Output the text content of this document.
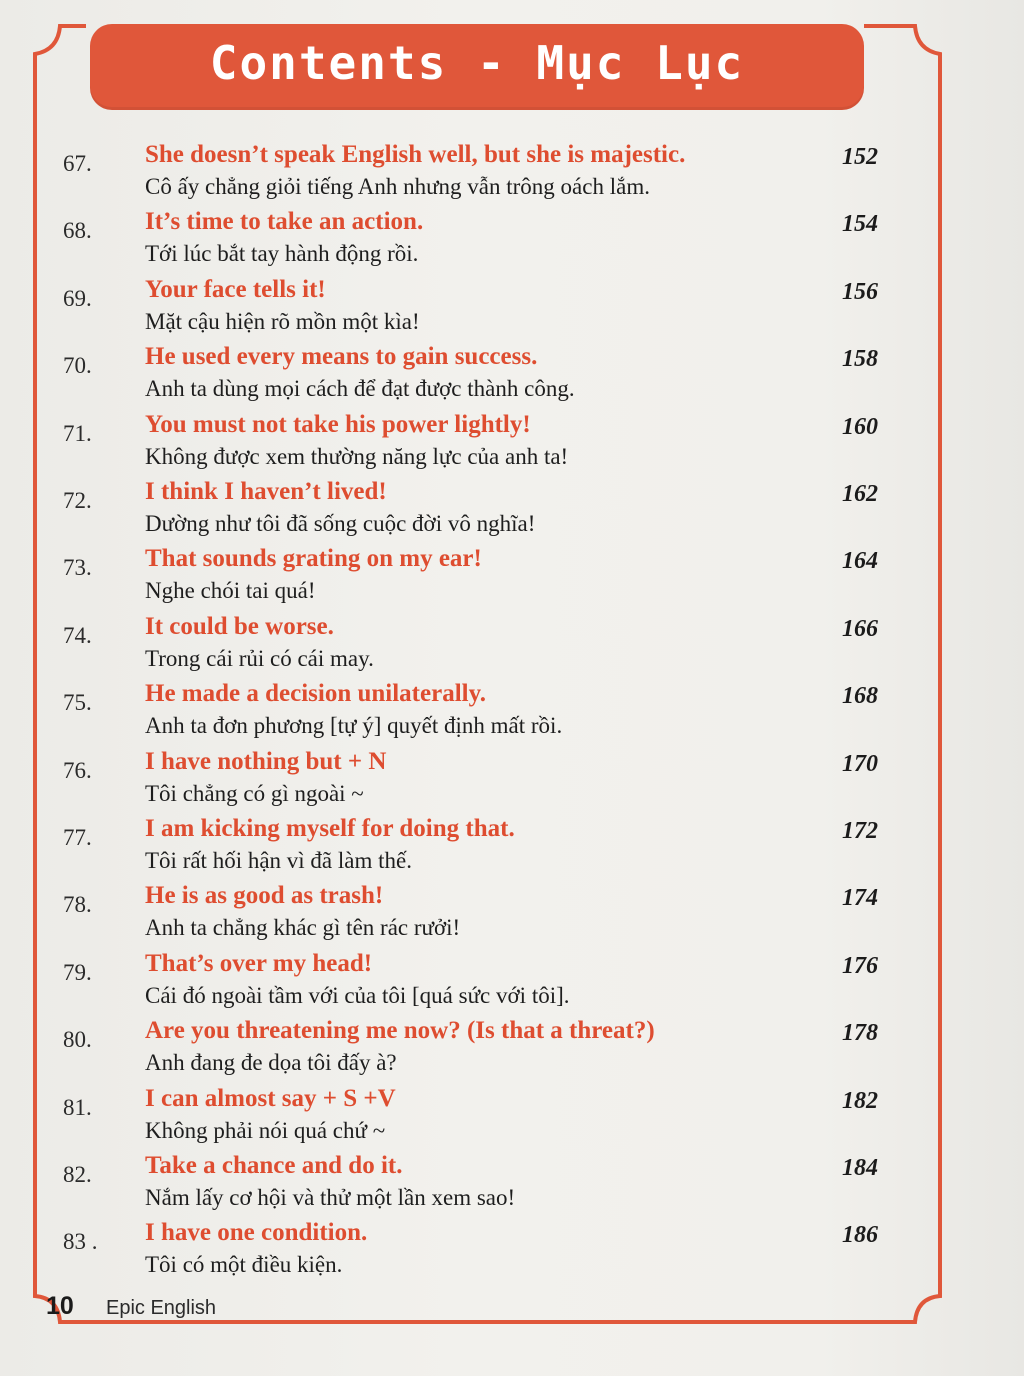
Contents - Mục Lục
67. She doesn’t speak English well, but she is majestic.
Cô ấy chẳng giỏi tiếng Anh nhưng vẫn trông oách lắm.
152
68. It’s time to take an action.
Tới lúc bắt tay hành động rồi.
154
69. Your face tells it!
Mặt cậu hiện rõ mồn một kìa!
156
70. He used every means to gain success.
Anh ta dùng mọi cách để đạt được thành công.
158
71. You must not take his power lightly!
Không được xem thường năng lực của anh ta!
160
72. I think I haven’t lived!
Dường như tôi đã sống cuộc đời vô nghĩa!
162
73. That sounds grating on my ear!
Nghe chói tai quá!
164
74. It could be worse.
Trong cái rủi có cái may.
166
75. He made a decision unilaterally.
Anh ta đơn phương [tự ý] quyết định mất rồi.
168
76. I have nothing but + N
Tôi chẳng có gì ngoài ~
170
77. I am kicking myself for doing that.
Tôi rất hối hận vì đã làm thế.
172
78. He is as good as trash!
Anh ta chẳng khác gì tên rác rưởi!
174
79. That’s over my head!
Cái đó ngoài tầm với của tôi [quá sức với tôi].
176
80. Are you threatening me now? (Is that a threat?)
Anh đang đe dọa tôi đấy à?
178
81. I can almost say + S +V
Không phải nói quá chứ ~
182
82. Take a chance and do it.
Nắm lấy cơ hội và thử một lần xem sao!
184
83 . I have one condition.
Tôi có một điều kiện.
186
10 Epic English
